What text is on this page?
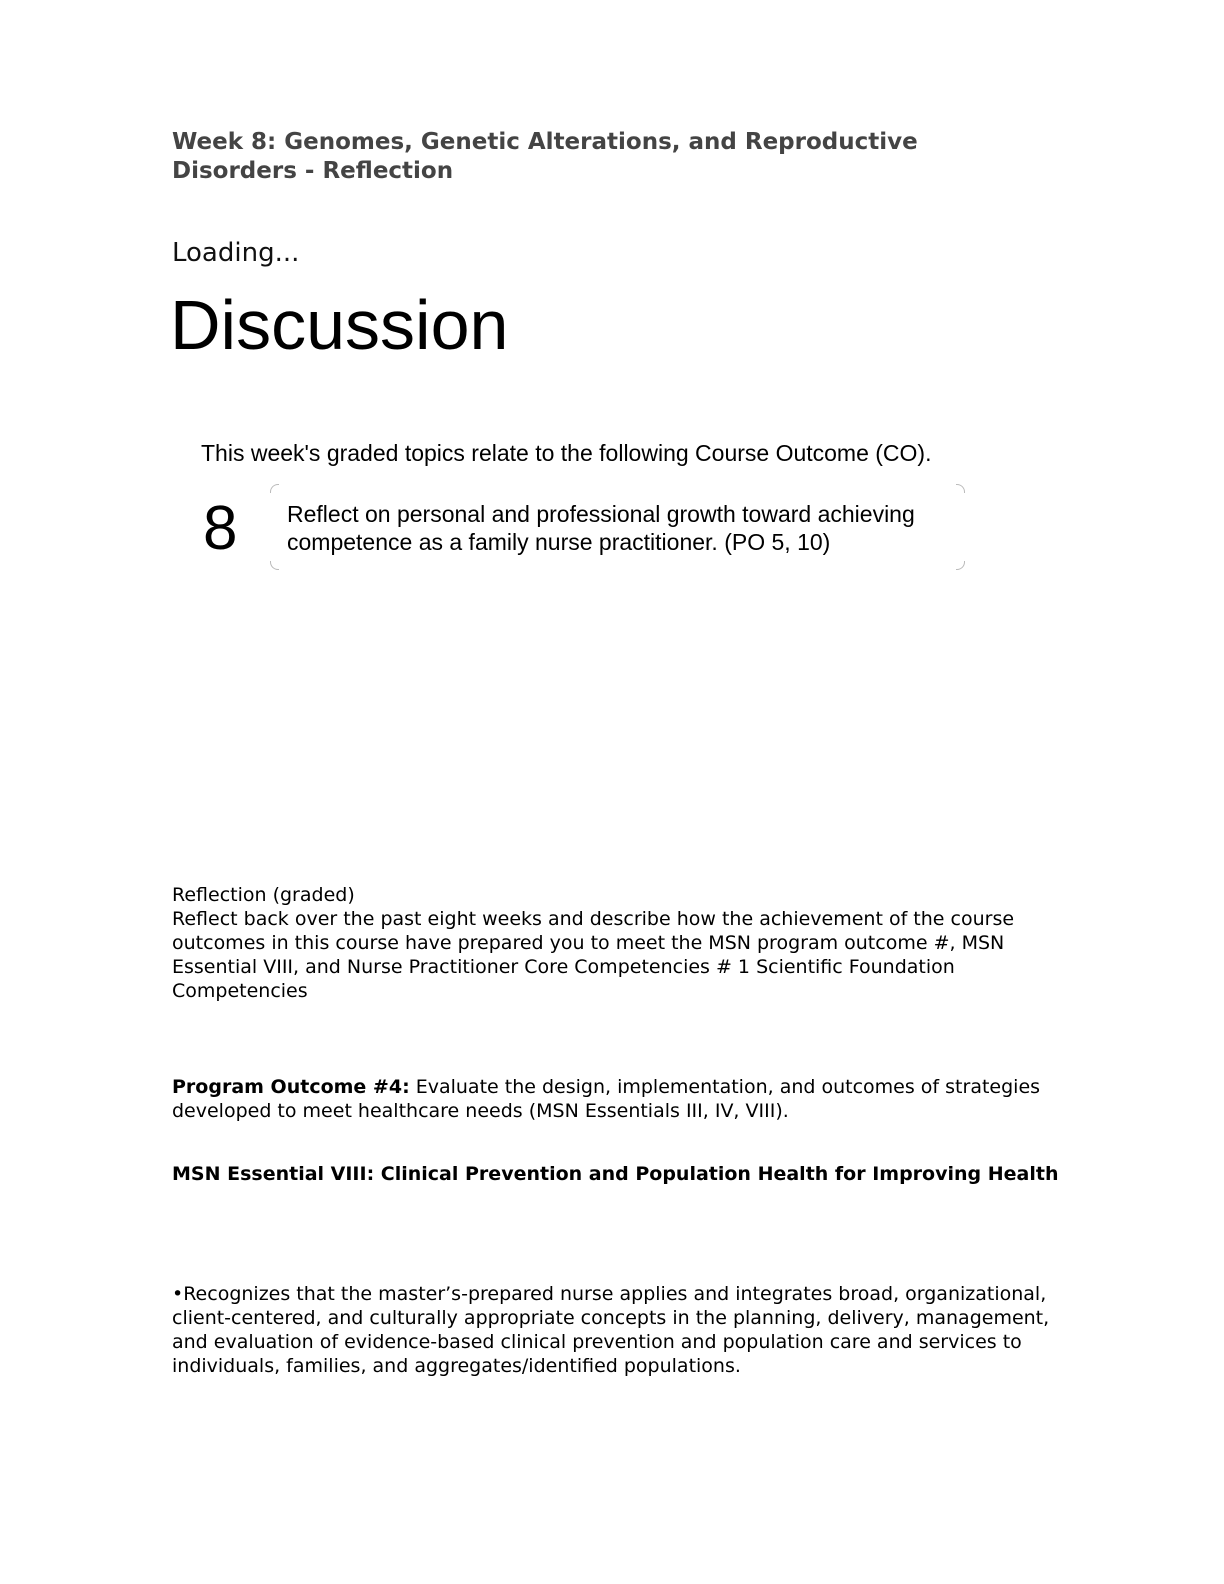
Week 8: Genomes, Genetic Alterations, and Reproductive Disorders - Reflection
Loading...
Discussion
This week's graded topics relate to the following Course Outcome (CO).
8 Reflect on personal and professional growth toward achieving competence as a family nurse practitioner. (PO 5, 10)

Reflection (graded)

Reflect back over the past eight weeks and describe how the achievement of the course outcomes in this course have prepared you to meet the MSN program outcome #, MSN Essential VIII, and Nurse Practitioner Core Competencies # 1 Scientific Foundation Competencies

Program Outcome #4: Evaluate the design, implementation, and outcomes of strategies developed to meet healthcare needs (MSN Essentials III, IV, VIII).

MSN Essential VIII: Clinical Prevention and Population Health for Improving Health

•Recognizes that the master’s-prepared nurse applies and integrates broad, organizational, client-centered, and culturally appropriate concepts in the planning, delivery, management, and evaluation of evidence-based clinical prevention and population care and services to individuals, families, and aggregates/identified populations.
